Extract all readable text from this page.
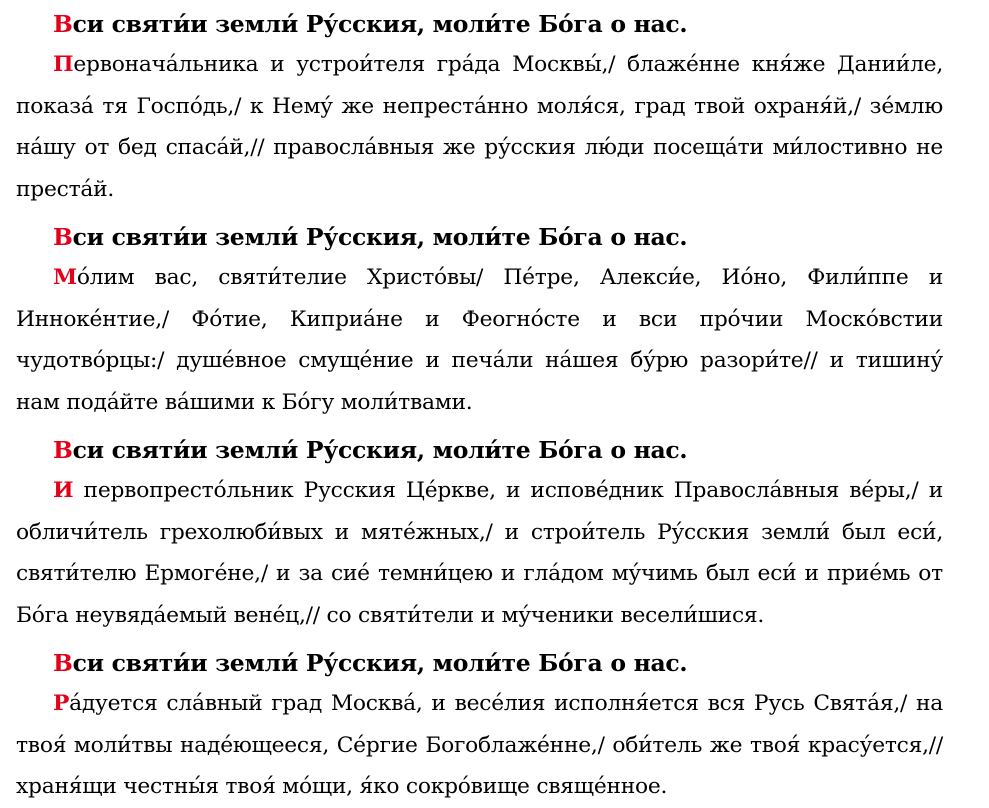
Вси святи́и земли́ Ру́сския, моли́те Бо́га о нас.
Первонача́льника и устрои́теля гра́да Москвы́,/ блаже́нне кня́же Дании́ле, показа́ тя Госпо́дь,/ к Нему́ же непреста́нно моля́ся, град твой охраня́й,/ зе́млю на́шу от бед спаса́й,// правосла́вныя же ру́сския лю́ди посеща́ти ми́лостивно не преста́й.
Вси святи́и земли́ Ру́сския, моли́те Бо́га о нас.
Мо́лим вас, святи́телие Христо́вы/ Пе́тре, Алекси́е, Ио́но, Фили́ппе и Инноке́нтие,/ Фо́тие, Киприа́не и Феогно́сте и вси про́чии Моско́встии чудотво́рцы:/ душе́вное смуще́ние и печа́ли на́шея бу́рю разори́те// и тишину́ нам пода́йте ва́шими к Бо́гу моли́твами.
Вси святи́и земли́ Ру́сския, моли́те Бо́га о нас.
И первопресто́льник Русския Це́ркве, и испове́дник Правосла́вныя ве́ры,/ и обличи́тель грехолюби́вых и мяте́жных,/ и строи́тель Ру́сския земли́ был еси́, святи́телю Ермоге́не,/ и за сие́ темни́цею и гла́дом му́чимь был еси́ и прие́мь от Бо́га неувяда́емый вене́ц,// со святи́тели и му́ченики весели́шися.
Вси святи́и земли́ Ру́сския, моли́те Бо́га о нас.
Ра́дуется сла́вный град Москва́, и весе́лия исполня́ется вся Русь Свята́я,/ на твоя́ моли́твы наде́ющееся, Се́ргие Богоблаже́нне,/ оби́тель же твоя́ красу́ется,// храня́щи честны́я твоя́ мо́щи, я́ко сокро́вище свяще́нное.
